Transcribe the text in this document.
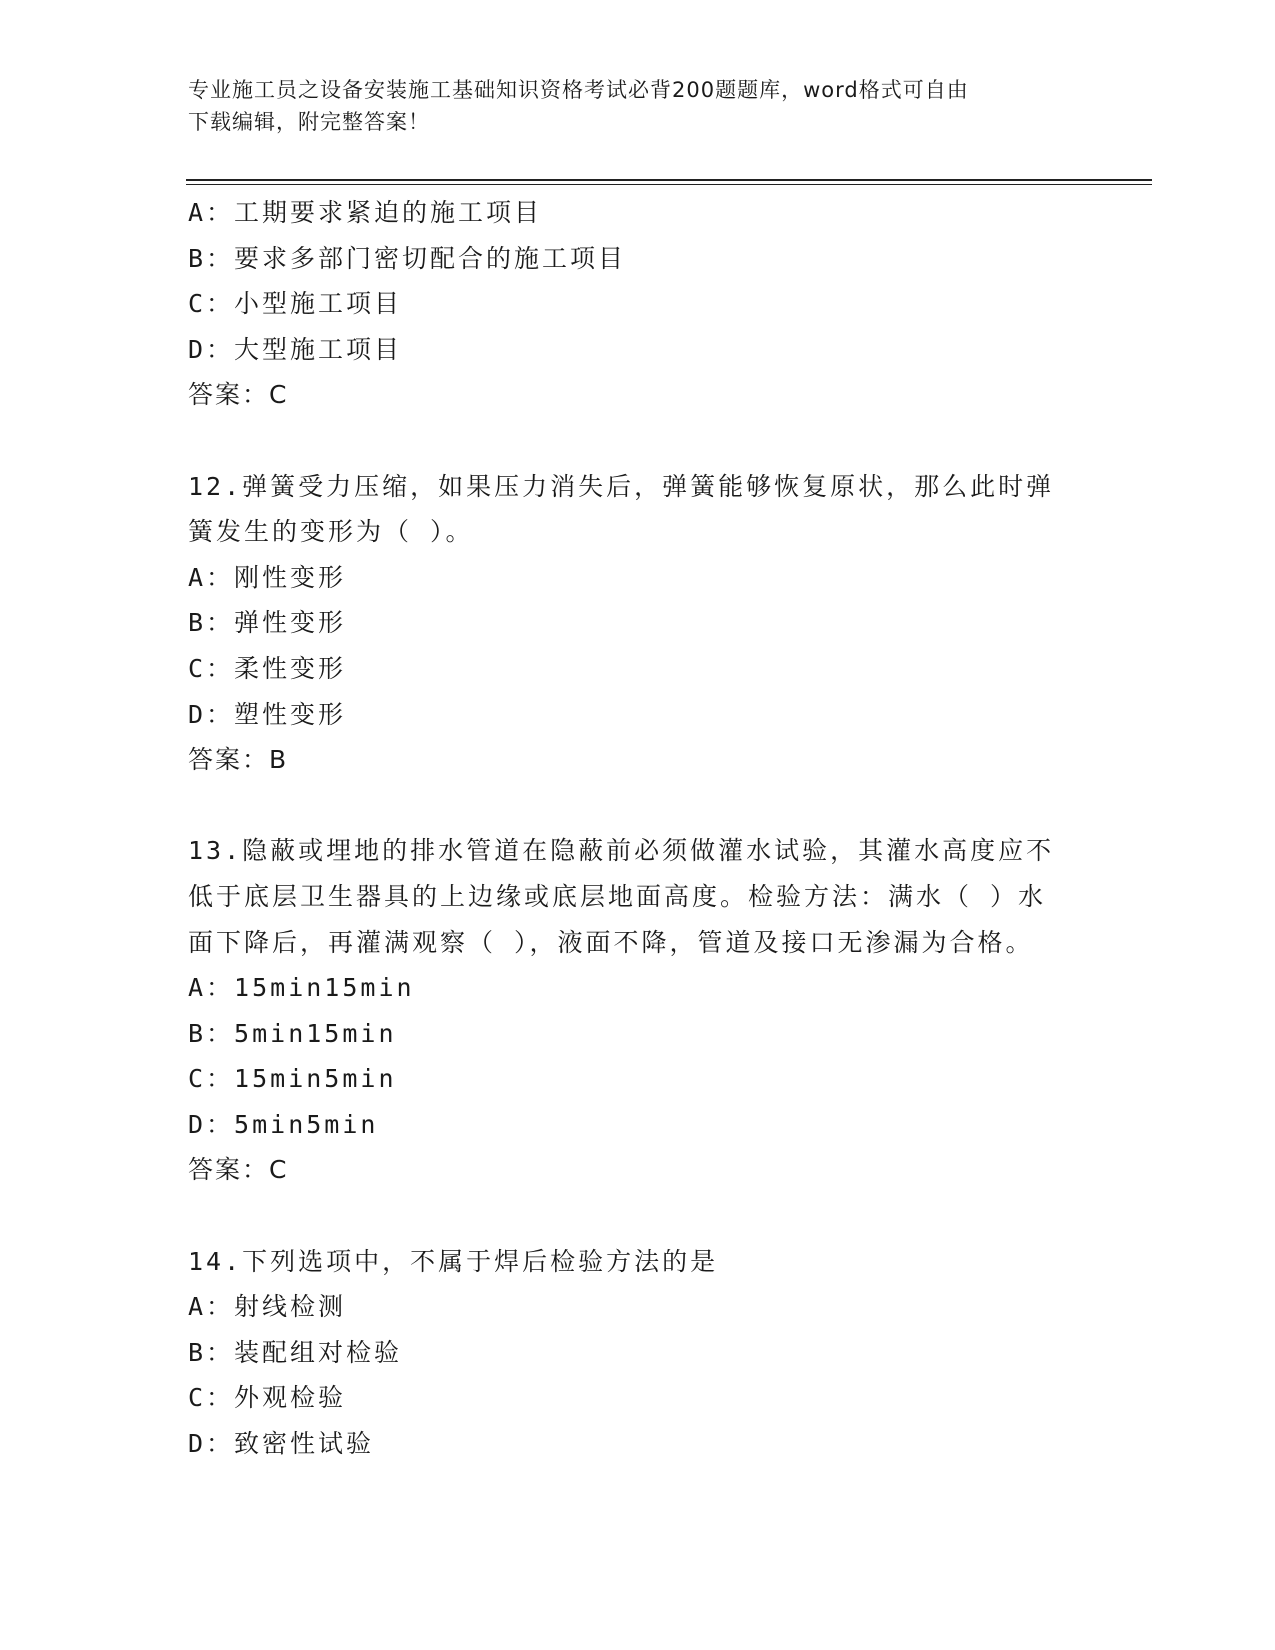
专业施工员之设备安装施工基础知识资格考试必背200题题库，word格式可自由
下载编辑，附完整答案！
A：工期要求紧迫的施工项目
B：要求多部门密切配合的施工项目
C：小型施工项目
D：大型施工项目
答案：C
12.弹簧受力压缩，如果压力消失后，弹簧能够恢复原状，那么此时弹
簧发生的变形为（ ）。
A：刚性变形
B：弹性变形
C：柔性变形
D：塑性变形
答案：B
13.隐蔽或埋地的排水管道在隐蔽前必须做灌水试验，其灌水高度应不
低于底层卫生器具的上边缘或底层地面高度。检验方法：满水（ ）水
面下降后，再灌满观察（ ），液面不降，管道及接口无渗漏为合格。
A：15min15min
B：5min15min
C：15min5min
D：5min5min
答案：C
14.下列选项中，不属于焊后检验方法的是
A：射线检测
B：装配组对检验
C：外观检验
D：致密性试验
